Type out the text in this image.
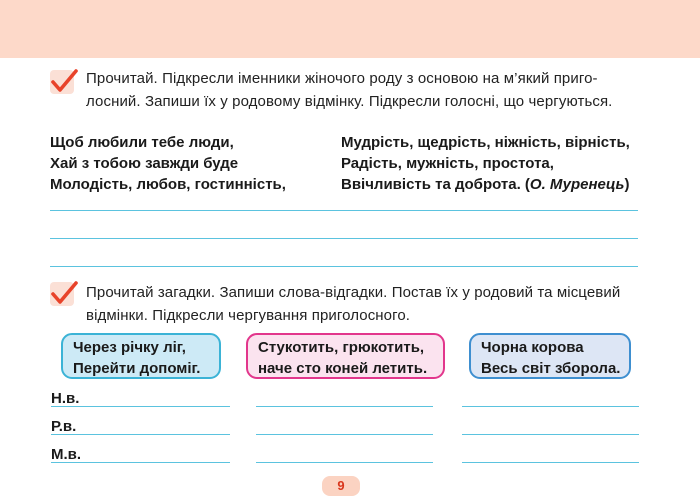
Прочитай. Підкресли іменники жіночого роду з основою на м’який приго-
лосний. Запиши їх у родовому відмінку. Підкресли голосні, що чергуються.
Щоб любили тебе люди,
Хай з тобою завжди буде
Молодість, любов, гостинність,
Мудрість, щедрість, ніжність, вірність,
Радість, мужність, простота,
Ввічливість та доброта. (О. Муренець)
Прочитай загадки. Запиши слова-відгадки. Постав їх у родовий та місцевий
відмінки. Підкресли чергування приголосного.
Через річку ліг,
Перейти допоміг.
Стукотить, грюкотить,
наче сто коней летить.
Чорна корова
Весь світ зборола.
Н.в.
Р.в.
М.в.
9
